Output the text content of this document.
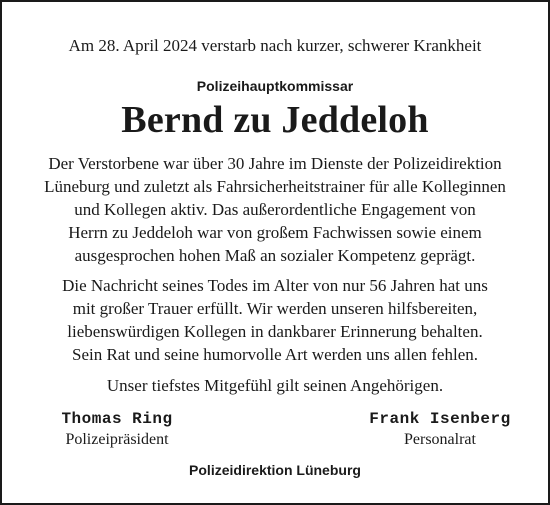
Am 28. April 2024 verstarb nach kurzer, schwerer Krankheit
Polizeihauptkommissar
Bernd zu Jeddeloh
Der Verstorbene war über 30 Jahre im Dienste der Polizeidirektion
Lüneburg und zuletzt als Fahrsicherheitstrainer für alle Kolleginnen
und Kollegen aktiv. Das außerordentliche Engagement von
Herrn zu Jeddeloh war von großem Fachwissen sowie einem
ausgesprochen hohen Maß an sozialer Kompetenz geprägt.
Die Nachricht seines Todes im Alter von nur 56 Jahren hat uns
mit großer Trauer erfüllt. Wir werden unseren hilfsbereiten,
liebenswürdigen Kollegen in dankbarer Erinnerung behalten.
Sein Rat und seine humorvolle Art werden uns allen fehlen.
Unser tiefstes Mitgefühl gilt seinen Angehörigen.
Thomas Ring
Polizeipräsident
Frank Isenberg
Personalrat
Polizeidirektion Lüneburg
